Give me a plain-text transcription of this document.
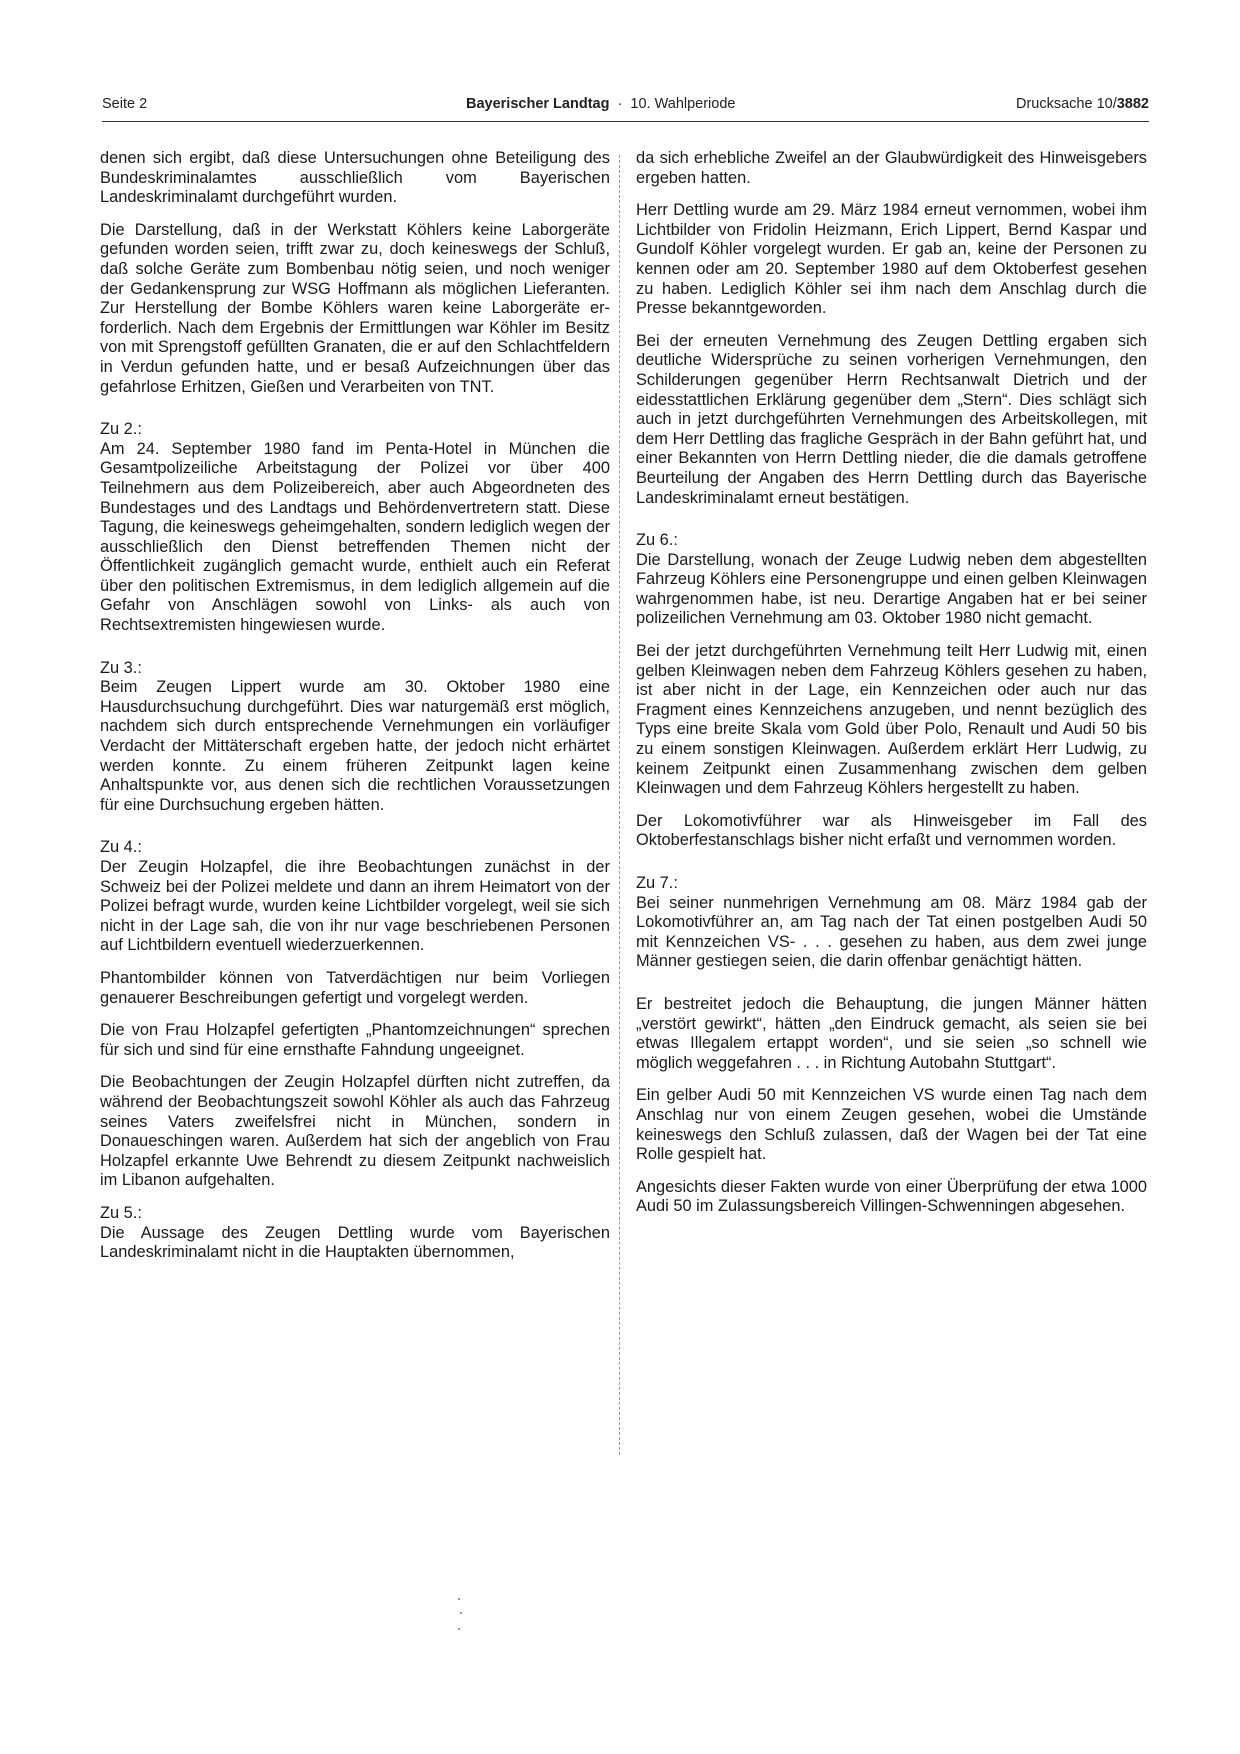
Seite 2	Bayerischer Landtag · 10. Wahlperiode	Drucksache 10/3882

denen sich ergibt, daß diese Untersuchungen ohne Beteiligung des Bundeskriminalamtes ausschließlich vom Bayerischen Landeskriminalamt durchgeführt wurden.

Die Darstellung, daß in der Werkstatt Köhlers keine Laborgeräte gefunden worden seien, trifft zwar zu, doch keineswegs der Schluß, daß solche Geräte zum Bombenbau nötig seien, und noch weniger der Gedankensprung zur WSG Hoffmann als möglichen Lieferanten. Zur Herstellung der Bombe Köhlers waren keine Laborgeräte erforderlich. Nach dem Ergebnis der Ermittlungen war Köhler im Besitz von mit Sprengstoff gefüllten Granaten, die er auf den Schlachtfeldern in Verdun gefunden hatte, und er besaß Aufzeichnungen über das gefahrlose Erhitzen, Gießen und Verarbeiten von TNT.

Zu 2.:
Am 24. September 1980 fand im Penta-Hotel in München die Gesamtpolizeiliche Arbeitstagung der Polizei vor über 400 Teilnehmern aus dem Polizeibereich, aber auch Abgeordneten des Bundestages und des Landtags und Behördenvertretern statt. Diese Tagung, die keineswegs geheimgehalten, sondern lediglich wegen der ausschließlich den Dienst betreffenden Themen nicht der Öffentlichkeit zugänglich gemacht wurde, enthielt auch ein Referat über den politischen Extremismus, in dem lediglich allgemein auf die Gefahr von Anschlägen sowohl von Links- als auch von Rechtsextremisten hingewiesen wurde.

Zu 3.:
Beim Zeugen Lippert wurde am 30. Oktober 1980 eine Hausdurchsuchung durchgeführt. Dies war naturgemäß erst möglich, nachdem sich durch entsprechende Vernehmungen ein vorläufiger Verdacht der Mittäterschaft ergeben hatte, der jedoch nicht erhärtet werden konnte. Zu einem früheren Zeitpunkt lagen keine Anhaltspunkte vor, aus denen sich die rechtlichen Voraussetzungen für eine Durchsuchung ergeben hätten.

Zu 4.:
Der Zeugin Holzapfel, die ihre Beobachtungen zunächst in der Schweiz bei der Polizei meldete und dann an ihrem Heimatort von der Polizei befragt wurde, wurden keine Lichtbilder vorgelegt, weil sie sich nicht in der Lage sah, die von ihr nur vage beschriebenen Personen auf Lichtbildern eventuell wiederzuerkennen.

Phantombilder können von Tatverdächtigen nur beim Vorliegen genauerer Beschreibungen gefertigt und vorgelegt werden.

Die von Frau Holzapfel gefertigten „Phantomzeichnungen“ sprechen für sich und sind für eine ernsthafte Fahndung ungeeignet.

Die Beobachtungen der Zeugin Holzapfel dürften nicht zutreffen, da während der Beobachtungszeit sowohl Köhler als auch das Fahrzeug seines Vaters zweifelsfrei nicht in München, sondern in Donaueschingen waren. Außerdem hat sich der angeblich von Frau Holzapfel erkannte Uwe Behrendt zu diesem Zeitpunkt nachweislich im Libanon aufgehalten.

Zu 5.:
Die Aussage des Zeugen Dettling wurde vom Bayerischen Landeskriminalamt nicht in die Hauptakten übernommen,

da sich erhebliche Zweifel an der Glaubwürdigkeit des Hinweisgebers ergeben hatten.

Herr Dettling wurde am 29. März 1984 erneut vernommen, wobei ihm Lichtbilder von Fridolin Heizmann, Erich Lippert, Bernd Kaspar und Gundolf Köhler vorgelegt wurden. Er gab an, keine der Personen zu kennen oder am 20. September 1980 auf dem Oktoberfest gesehen zu haben. Lediglich Köhler sei ihm nach dem Anschlag durch die Presse bekanntgeworden.

Bei der erneuten Vernehmung des Zeugen Dettling ergaben sich deutliche Widersprüche zu seinen vorherigen Vernehmungen, den Schilderungen gegenüber Herrn Rechtsanwalt Dietrich und der eidesstattlichen Erklärung gegenüber dem „Stern“. Dies schlägt sich auch in jetzt durchgeführten Vernehmungen des Arbeitskollegen, mit dem Herr Dettling das fragliche Gespräch in der Bahn geführt hat, und einer Bekannten von Herrn Dettling nieder, die die damals getroffene Beurteilung der Angaben des Herrn Dettling durch das Bayerische Landeskriminalamt erneut bestätigen.

Zu 6.:
Die Darstellung, wonach der Zeuge Ludwig neben dem abgestellten Fahrzeug Köhlers eine Personengruppe und einen gelben Kleinwagen wahrgenommen habe, ist neu. Derartige Angaben hat er bei seiner polizeilichen Vernehmung am 03. Oktober 1980 nicht gemacht.

Bei der jetzt durchgeführten Vernehmung teilt Herr Ludwig mit, einen gelben Kleinwagen neben dem Fahrzeug Köhlers gesehen zu haben, ist aber nicht in der Lage, ein Kennzeichen oder auch nur das Fragment eines Kennzeichens anzugeben, und nennt bezüglich des Typs eine breite Skala vom Gold über Polo, Renault und Audi 50 bis zu einem sonstigen Kleinwagen. Außerdem erklärt Herr Ludwig, zu keinem Zeitpunkt einen Zusammenhang zwischen dem gelben Kleinwagen und dem Fahrzeug Köhlers hergestellt zu haben.

Der Lokomotivführer war als Hinweisgeber im Fall des Oktoberfestanschlags bisher nicht erfaßt und vernommen worden.

Zu 7.:
Bei seiner nunmehrigen Vernehmung am 08. März 1984 gab der Lokomotivführer an, am Tag nach der Tat einen postgelben Audi 50 mit Kennzeichen VS- . . . gesehen zu haben, aus dem zwei junge Männer gestiegen seien, die darin offenbar genächtigt hätten.

Er bestreitet jedoch die Behauptung, die jungen Männer hätten „verstört gewirkt“, hätten „den Eindruck gemacht, als seien sie bei etwas Illegalem ertappt worden“, und sie seien „so schnell wie möglich weggefahren . . . in Richtung Autobahn Stuttgart“.

Ein gelber Audi 50 mit Kennzeichen VS wurde einen Tag nach dem Anschlag nur von einem Zeugen gesehen, wobei die Umstände keineswegs den Schluß zulassen, daß der Wagen bei der Tat eine Rolle gespielt hat.

Angesichts dieser Fakten wurde von einer Überprüfung der etwa 1000 Audi 50 im Zulassungsbereich Villingen-Schwenningen abgesehen.
